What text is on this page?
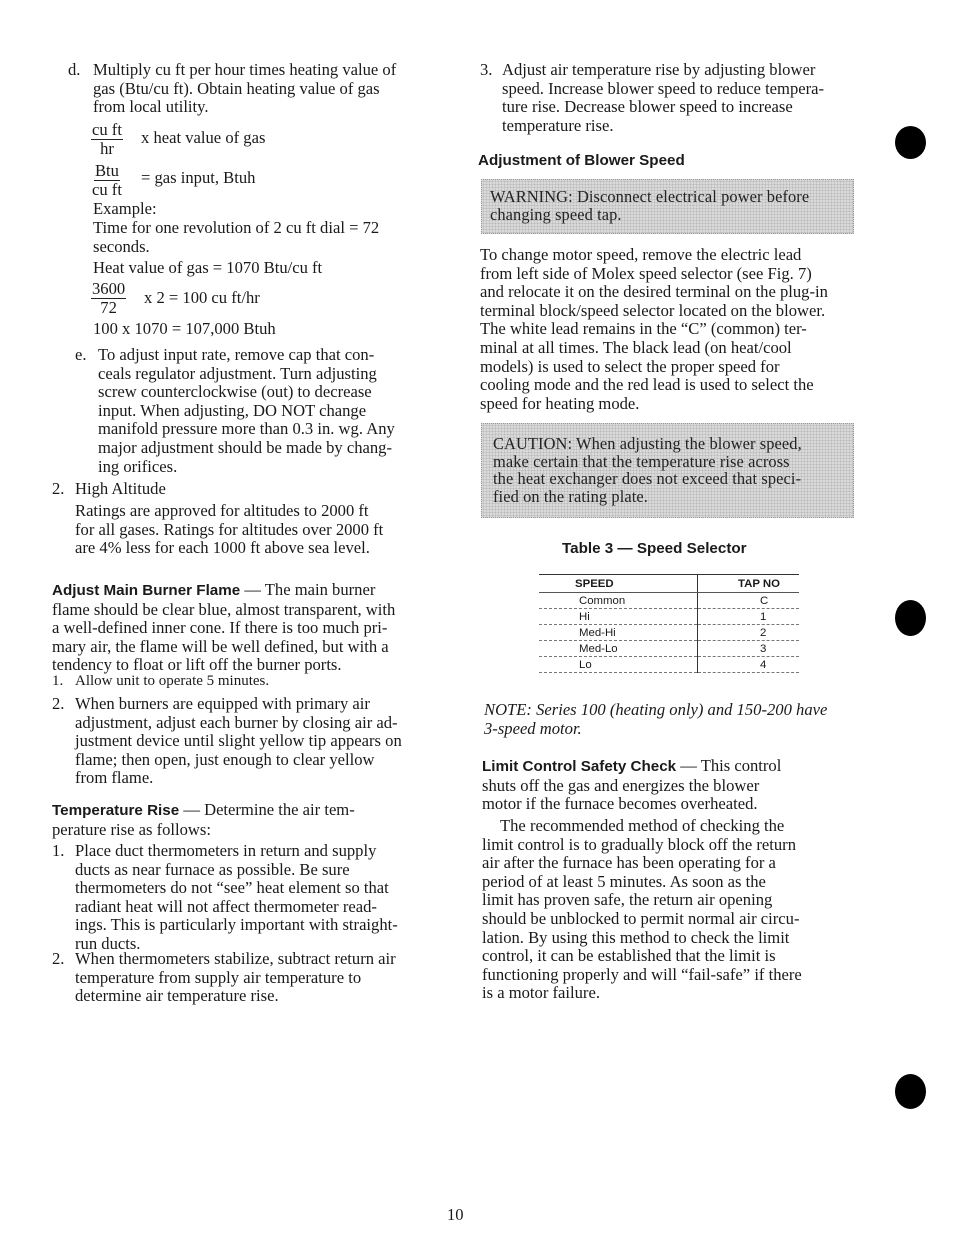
d. Multiply cu ft per hour times heating value of
gas (Btu/cu ft). Obtain heating value of gas
from local utility.
$\frac{\text{cu ft}}{hr}$ x heat value of gas
Btu
cu ft
= gas input, Btuh
Example:
Time for one revolution of 2 cu ft dial = 72
seconds.
Heat value of gas = 1070 Btu/cu ft
$\frac{3600}{72}$ x 2 = 100 cu ft/hr
100 x 1070 = 107,000 Btuh
e. To adjust input rate, remove cap that con-
ceals regulator adjustment. Turn adjusting
screw counterclockwise (out) to decrease
input. When adjusting, DO NOT change
manifold pressure more than 0.3 in. wg. Any
major adjustment should be made by chang-
ing orifices.
2. High Altitude
Ratings are approved for altitudes to 2000 ft
for all gases. Ratings for altitudes over 2000 ft
are 4% less for each 1000 ft above sea level.
Adjust Main Burner Flame — The main burner
flame should be clear blue, almost transparent, with
a well-defined inner cone. If there is too much pri-
mary air, the flame will be well defined, but with a
tendency to float or lift off the burner ports.
1. Allow unit to operate 5 minutes.
2. When burners are equipped with primary air
adjustment, adjust each burner by closing air ad-
justment device until slight yellow tip appears on
flame; then open, just enough to clear yellow
from flame.
Temperature Rise — Determine the air tem-
perature rise as follows:
1. Place duct thermometers in return and supply
ducts as near furnace as possible. Be sure
thermometers do not “see” heat element so that
radiant heat will not affect thermometer read-
ings. This is particularly important with straight-
run ducts.
2. When thermometers stabilize, subtract return air
temperature from supply air temperature to
determine air temperature rise.
3. Adjust air temperature rise by adjusting blower
speed. Increase blower speed to reduce tempera-
ture rise. Decrease blower speed to increase
temperature rise.
Adjustment of Blower Speed
WARNING: Disconnect electrical power before
changing speed tap.
To change motor speed, remove the electric lead
from left side of Molex speed selector (see Fig. 7)
and relocate it on the desired terminal on the plug-in
terminal block/speed selector located on the blower.
The white lead remains in the “C” (common) ter-
minal at all times. The black lead (on heat/cool
models) is used to select the proper speed for
cooling mode and the red lead is used to select the
speed for heating mode.
CAUTION: When adjusting the blower speed,
make certain that the temperature rise across
the heat exchanger does not exceed that speci-
fied on the rating plate.
Table 3 — Speed Selector
SPEED	TAP NO
Common	C
Hi	1
Med-Hi	2
Med-Lo	3
Lo	4
NOTE: Series 100 (heating only) and 150-200 have
3-speed motor.
Limit Control Safety Check — This control
shuts off the gas and energizes the blower
motor if the furnace becomes overheated.
The recommended method of checking the
limit control is to gradually block off the return
air after the furnace has been operating for a
period of at least 5 minutes. As soon as the
limit has proven safe, the return air opening
should be unblocked to permit normal air circu-
lation. By using this method to check the limit
control, it can be established that the limit is
functioning properly and will “fail-safe” if there
is a motor failure.
10
